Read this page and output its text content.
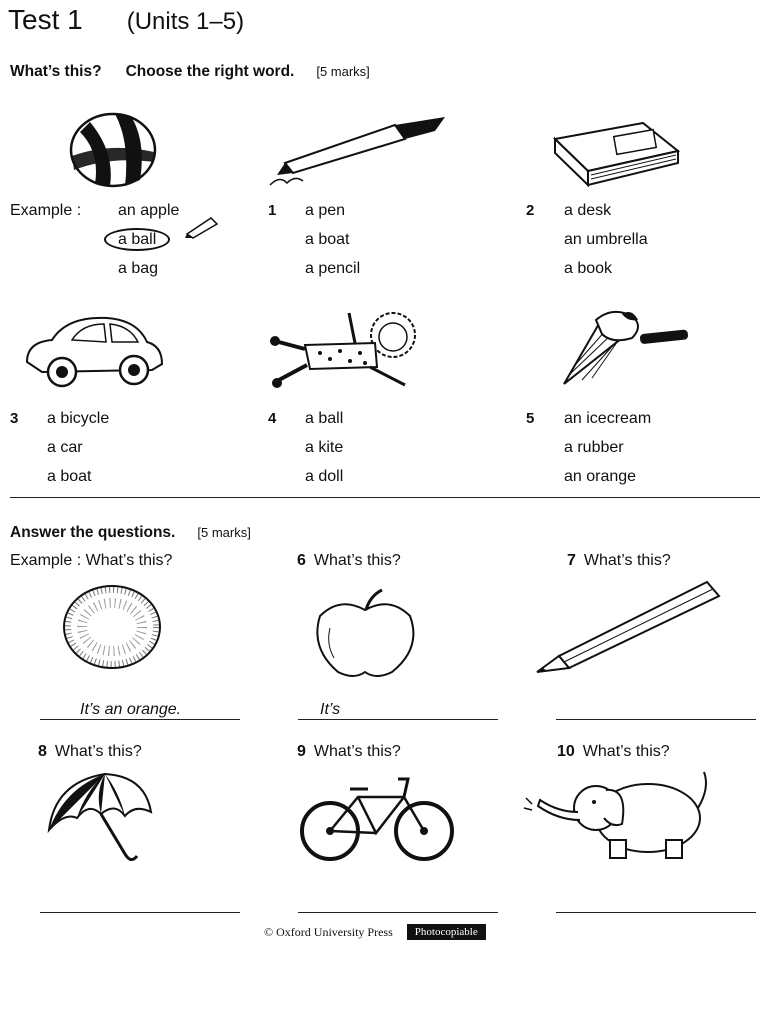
Test 1 (Units 1–5)
What’s this? Choose the right word. [5 marks]
Example : an apple
a ball
a bag
1 a pen
a boat
a pencil
2 a desk
an umbrella
a book
3 a bicycle
a car
a boat
4 a ball
a kite
a doll
5 an icecream
a rubber
an orange
Answer the questions. [5 marks]
Example : What’s this?	6 What’s this?	7 What’s this?
It’s an orange.	It’s
8 What’s this?	9 What’s this?	10 What’s this?
© Oxford University Press	Photocopiable
